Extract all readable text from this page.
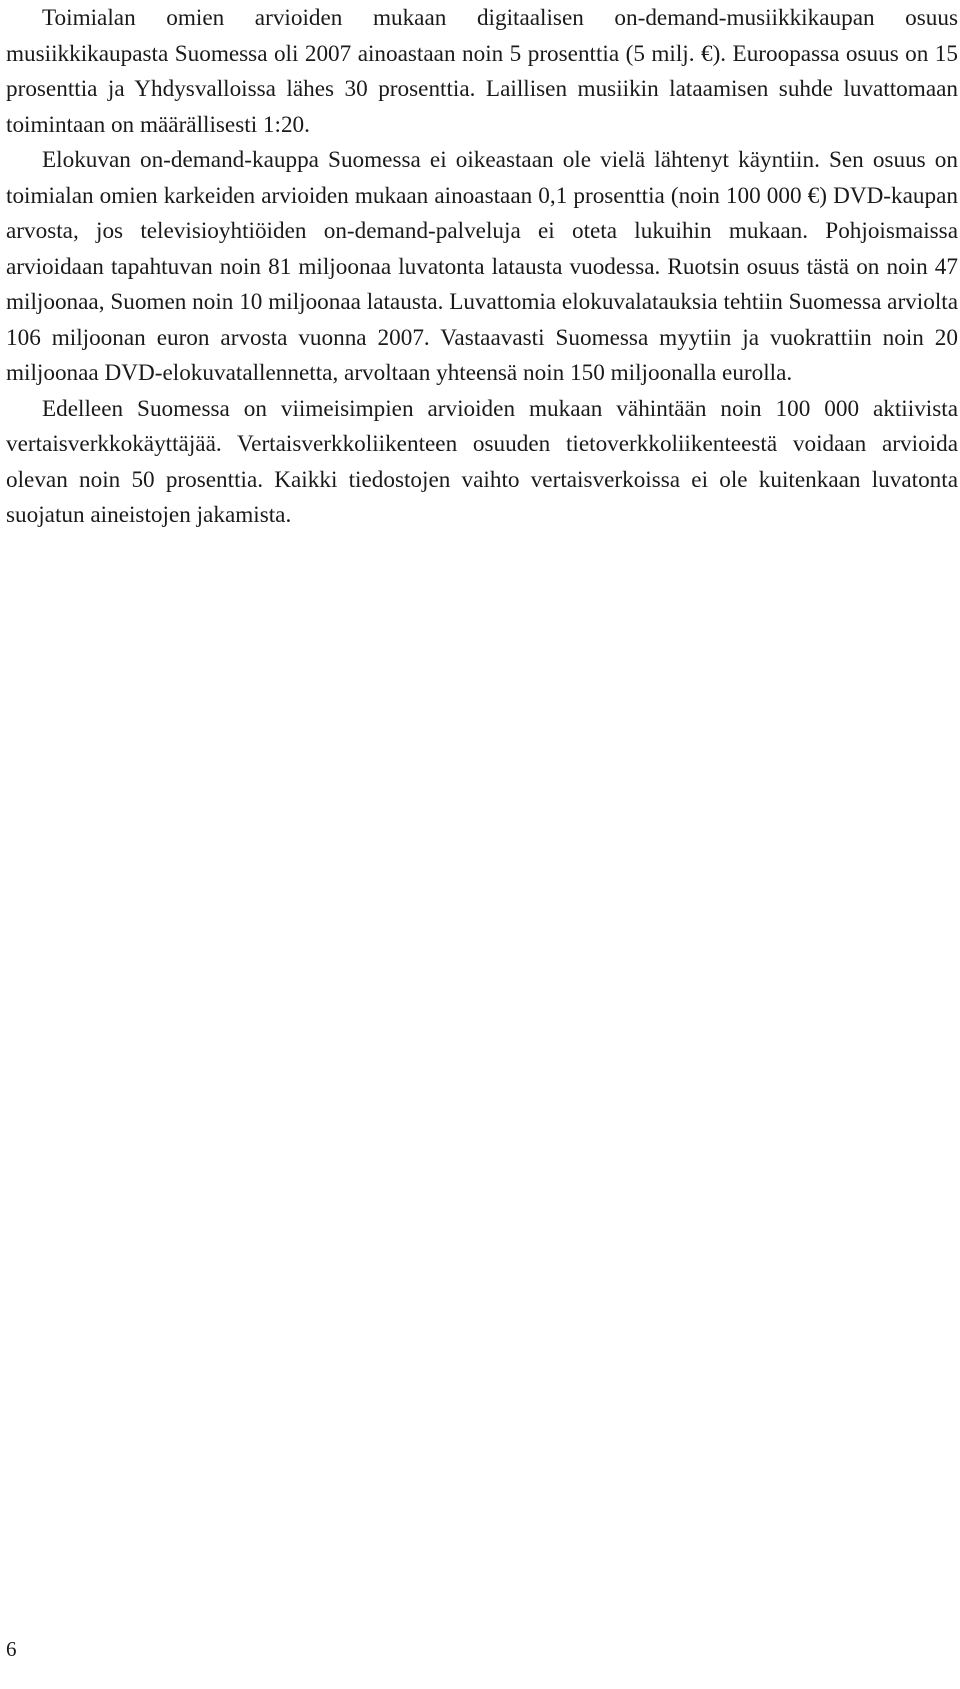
Toimialan omien arvioiden mukaan digitaalisen on-demand-musiikkikaupan osuus musiikkikaupasta Suomessa oli 2007 ainoastaan noin 5 prosenttia (5 milj. €). Euroopassa osuus on 15 prosenttia ja Yhdysvalloissa lähes 30 prosenttia. Laillisen musiikin lataamisen suhde luvattomaan toimintaan on määrällisesti 1:20.

Elokuvan on-demand-kauppa Suomessa ei oikeastaan ole vielä lähtenyt käyntiin. Sen osuus on toimialan omien karkeiden arvioiden mukaan ainoastaan 0,1 prosenttia (noin 100 000 €) DVD-kaupan arvosta, jos televisioyhtiöiden on-demand-palveluja ei oteta lukuihin mukaan. Pohjoismaissa arvioidaan tapahtuvan noin 81 miljoonaa luvatonta latausta vuodessa. Ruotsin osuus tästä on noin 47 miljoonaa, Suomen noin 10 miljoonaa latausta. Luvattomia elokuvalatauksia tehtiin Suomessa arviolta 106 miljoonan euron arvosta vuonna 2007. Vastaavasti Suomessa myytiin ja vuokrattiin noin 20 miljoonaa DVD-elokuvatallennetta, arvoltaan yhteensä noin 150 miljoonalla eurolla.

Edelleen Suomessa on viimeisimpien arvioiden mukaan vähintään noin 100 000 aktiivista vertaisverkkokäyttäjää. Vertaisverkkoliikenteen osuuden tietoverkkoliikenteestä voidaan arvioida olevan noin 50 prosenttia. Kaikki tiedostojen vaihto vertaisverkoissa ei ole kuitenkaan luvatonta suojatun aineistojen jakamista.

6
